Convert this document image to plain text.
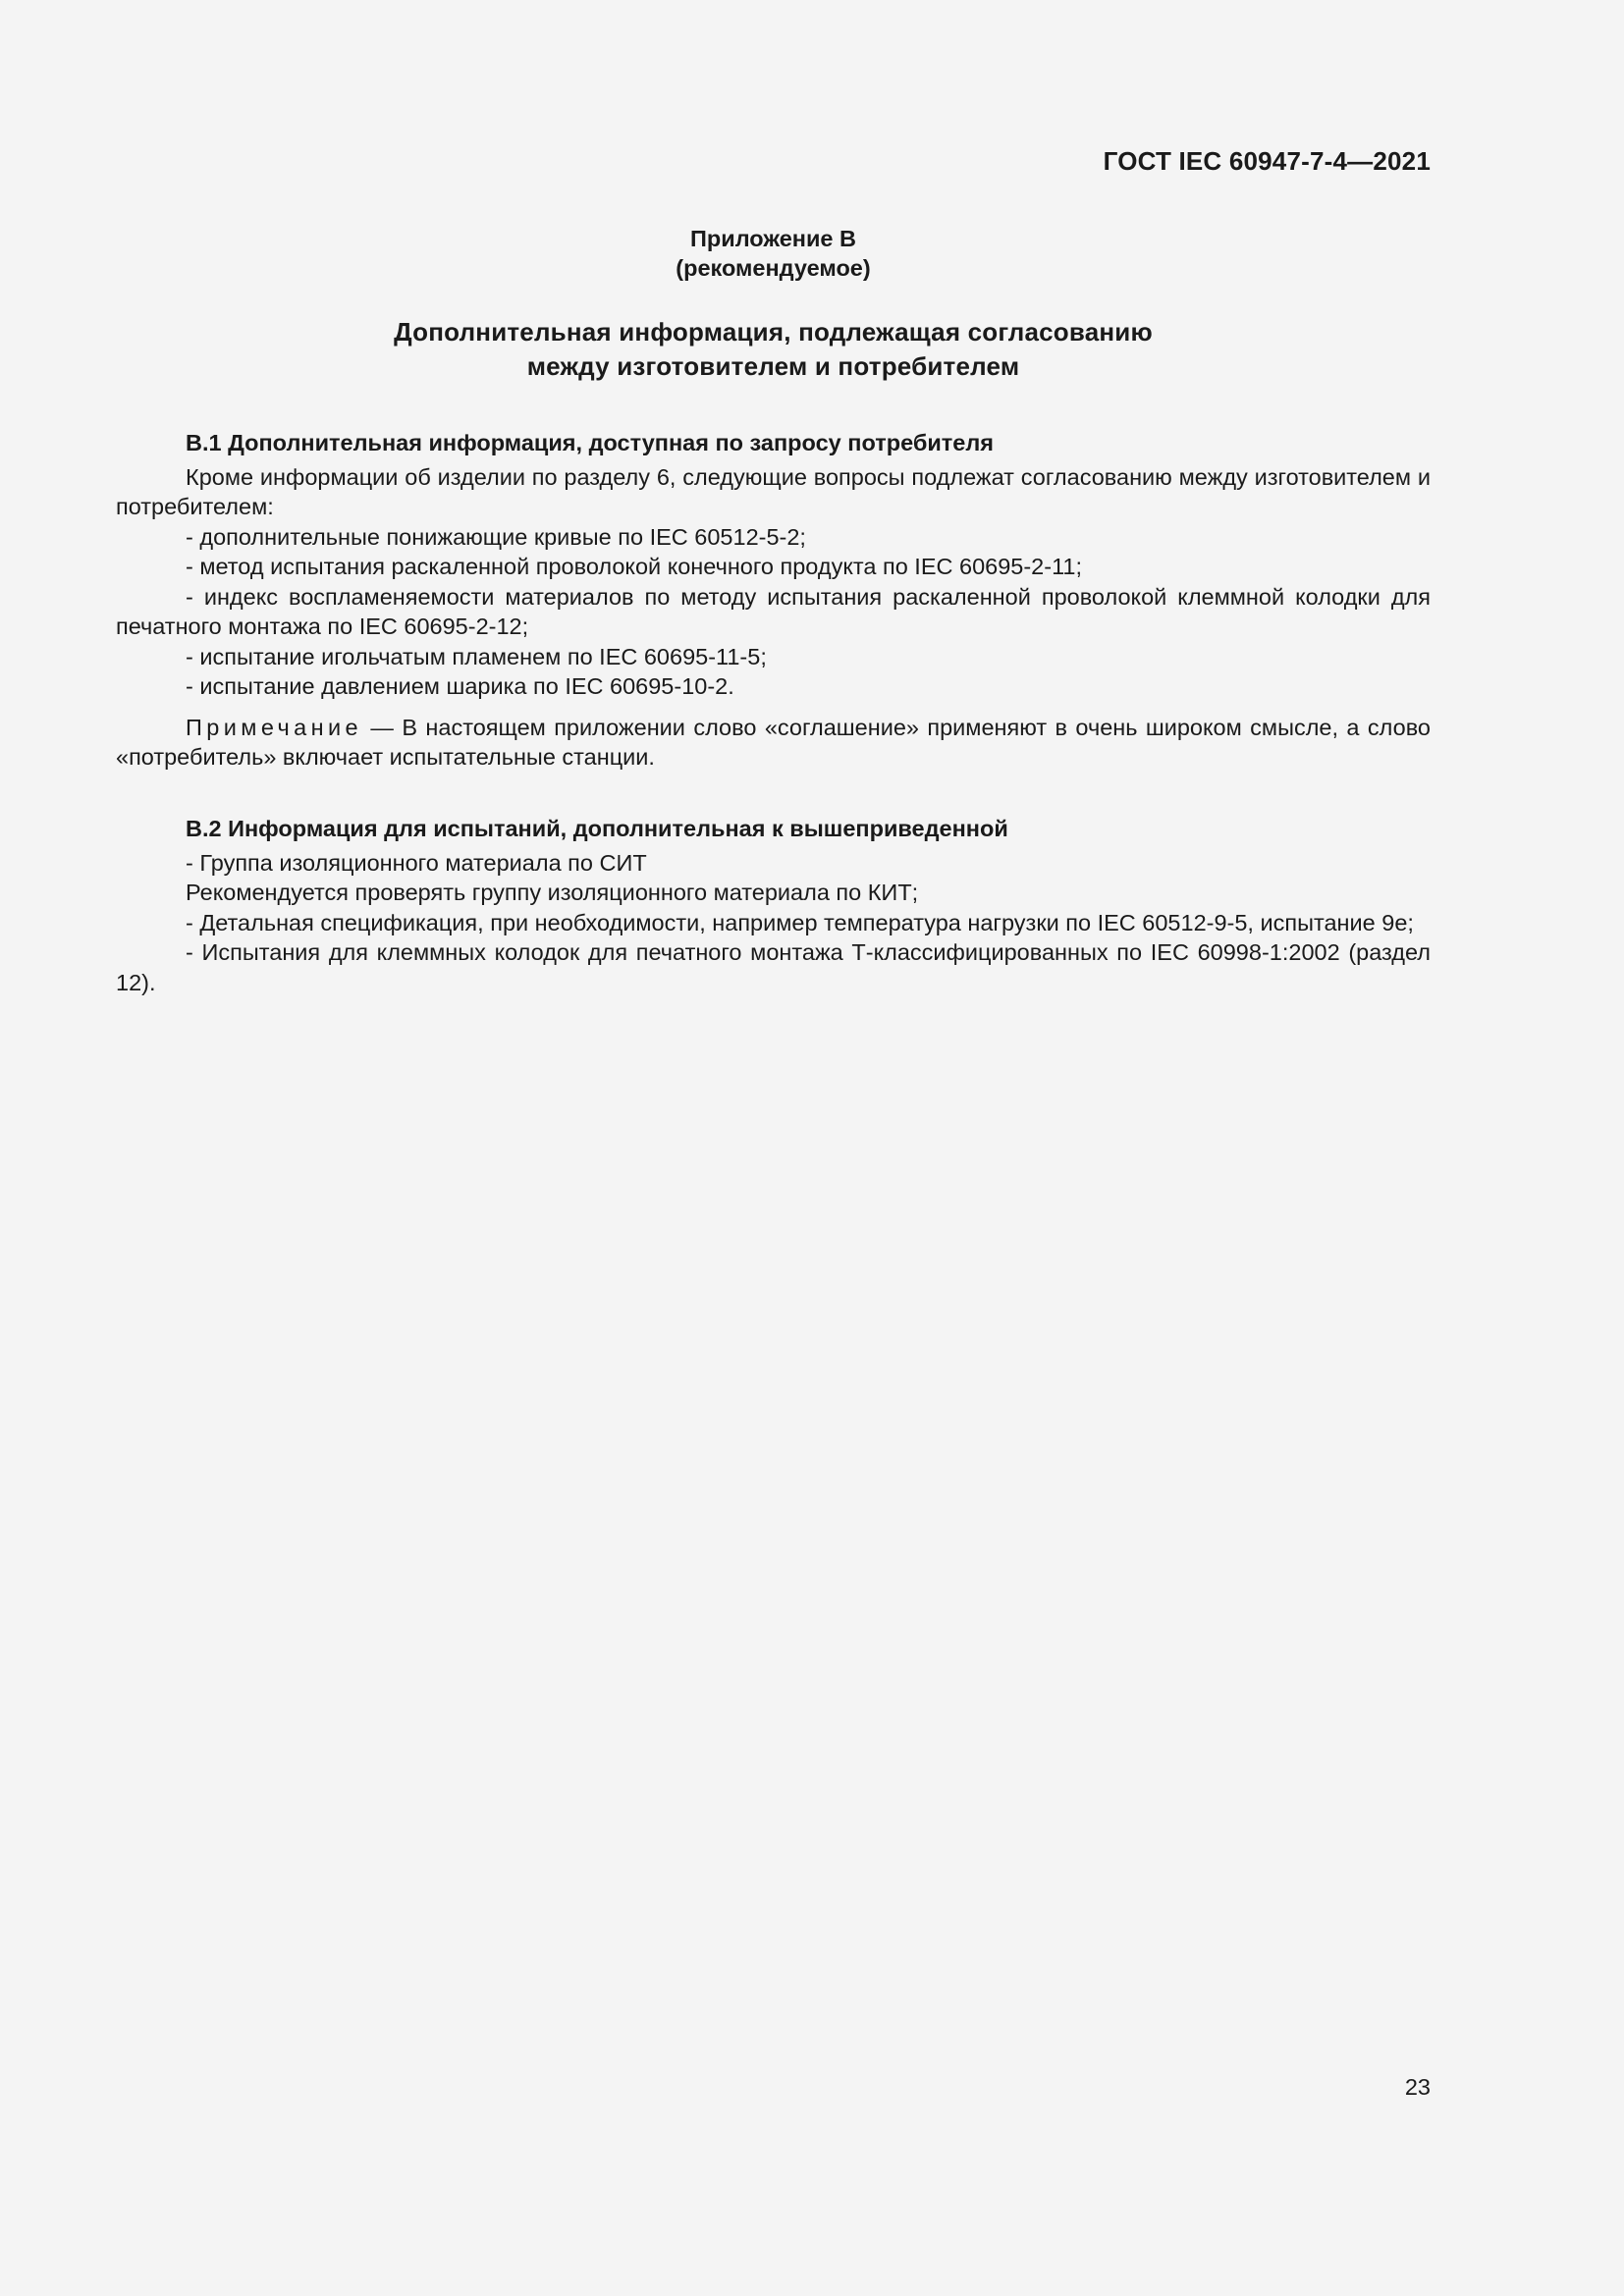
ГОСТ IEC 60947-7-4—2021
Приложение В
(рекомендуемое)
Дополнительная информация, подлежащая согласованию
между изготовителем и потребителем

В.1 Дополнительная информация, доступная по запросу потребителя

Кроме информации об изделии по разделу 6, следующие вопросы подлежат согласованию между изготовителем и потребителем:

- дополнительные понижающие кривые по IEC 60512-5-2;

- метод испытания раскаленной проволокой конечного продукта по IEC 60695-2-11;

- индекс воспламеняемости материалов по методу испытания раскаленной проволокой клеммной колодки для печатного монтажа по IEC 60695-2-12;

- испытание игольчатым пламенем по IEC 60695-11-5;

- испытание давлением шарика по IEC 60695-10-2.

Примечание — В настоящем приложении слово «соглашение» применяют в очень широком смысле, а слово «потребитель» включает испытательные станции.

В.2 Информация для испытаний, дополнительная к вышеприведенной

- Группа изоляционного материала по СИТ

Рекомендуется проверять группу изоляционного материала по КИТ;

- Детальная спецификация, при необходимости, например температура нагрузки по IEC 60512-9-5, испытание 9е;

- Испытания для клеммных колодок для печатного монтажа Т-классифицированных по IEC 60998-1:2002 (раздел 12).

23
